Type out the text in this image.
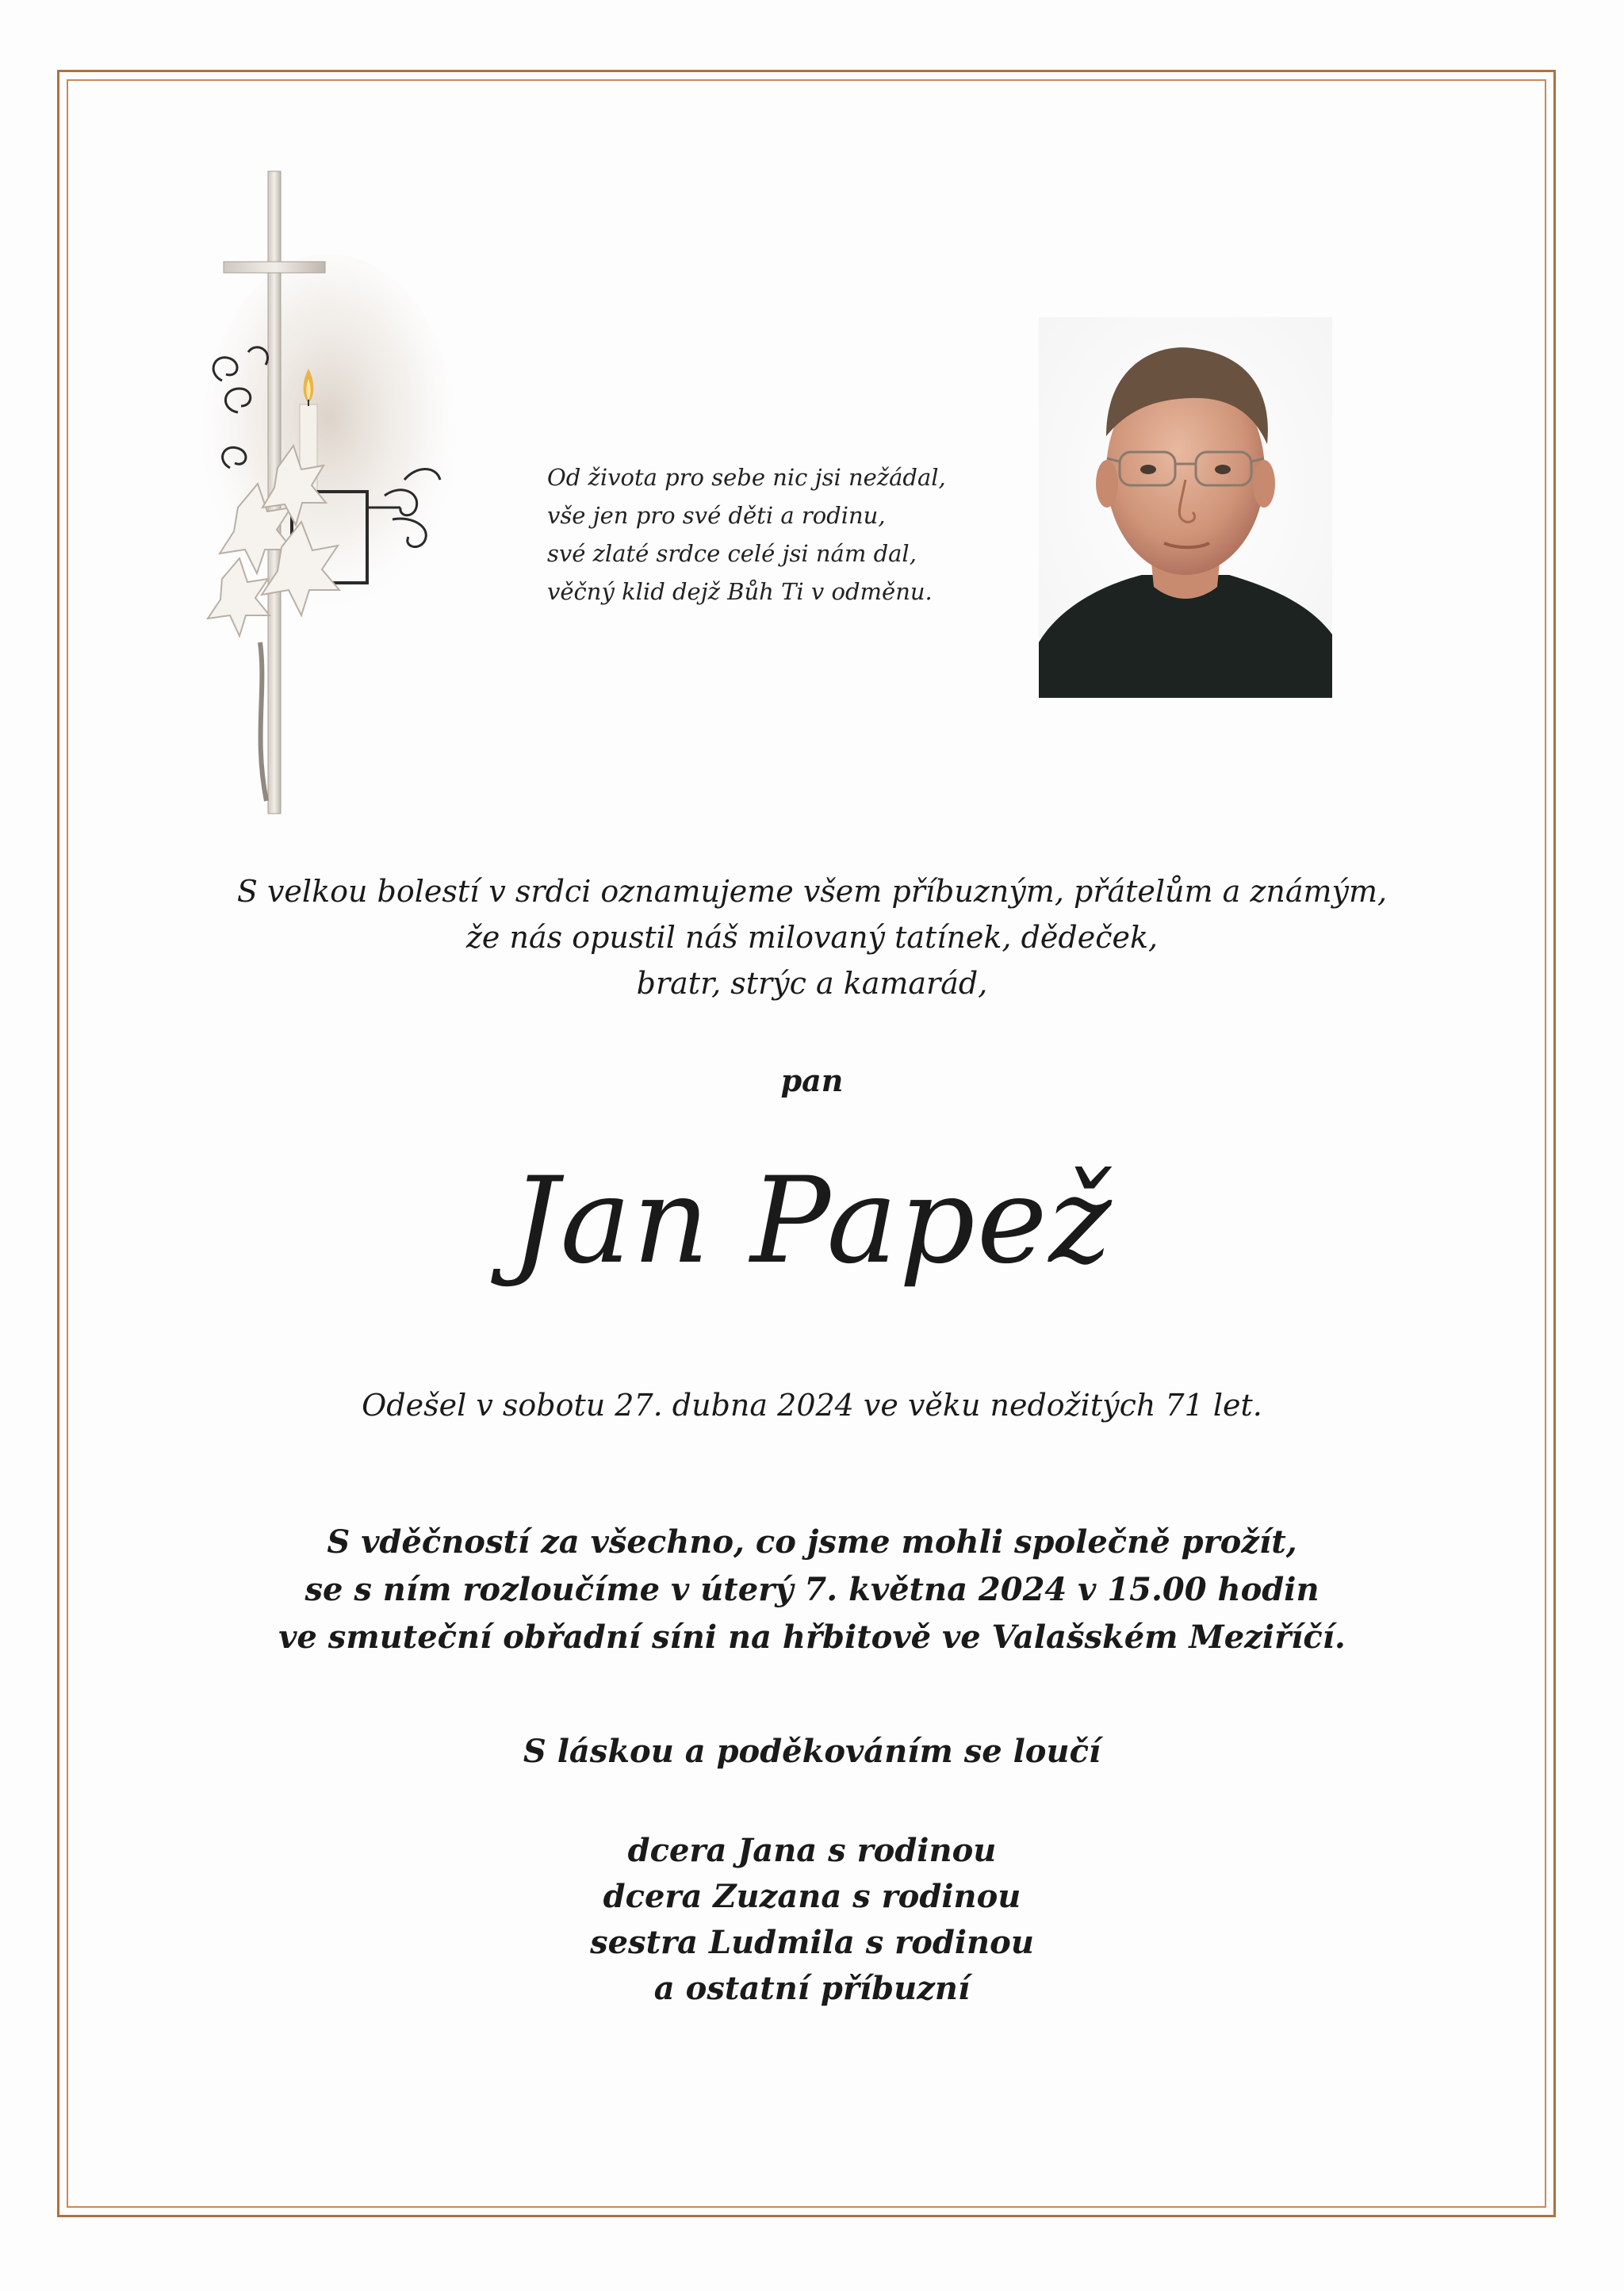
Od života pro sebe nic jsi nežádal,
vše jen pro své děti a rodinu,
své zlaté srdce celé jsi nám dal,
věčný klid dejž Bůh Ti v odměnu.
S velkou bolestí v srdci oznamujeme všem příbuzným, přátelům a známým,
že nás opustil náš milovaný tatínek, dědeček,
bratr, strýc a kamarád,
pan
Jan Papež
Odešel v sobotu 27. dubna 2024 ve věku nedožitých 71 let.
S vděčností za všechno, co jsme mohli společně prožít,
se s ním rozloučíme v úterý 7. května 2024 v 15.00 hodin
ve smuteční obřadní síni na hřbitově ve Valašském Meziříčí.
S láskou a poděkováním se loučí
dcera Jana s rodinou
dcera Zuzana s rodinou
sestra Ludmila s rodinou
a ostatní příbuzní
